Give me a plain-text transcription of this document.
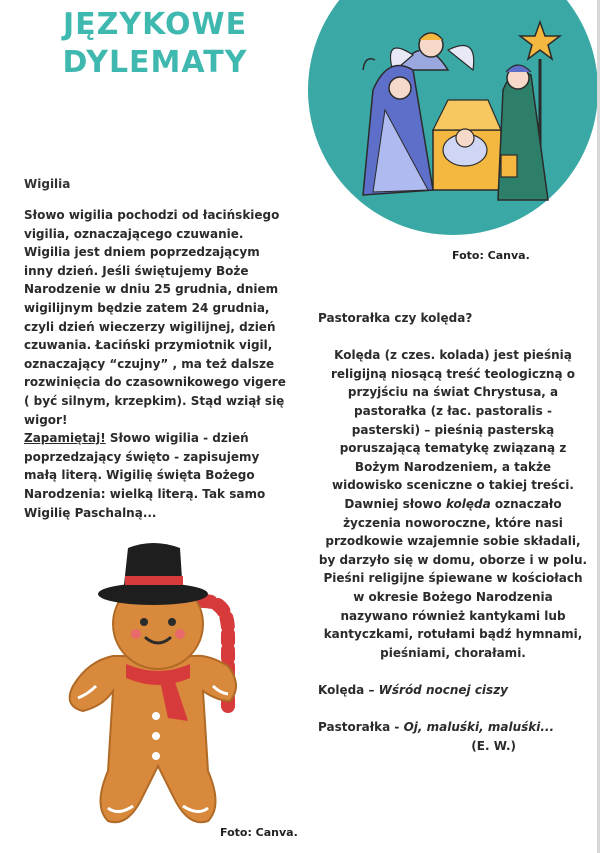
JĘZYKOWE
DYLEMATY
Foto: Canva.
Wigilia

Słowo wigilia pochodzi od łacińskiego vigilia, oznaczającego czuwanie. Wigilia jest dniem poprzedzającym inny dzień. Jeśli świętujemy Boże Narodzenie w dniu 25 grudnia, dniem wigilijnym będzie zatem 24 grudnia, czyli dzień wieczerzy wigilijnej, dzień czuwania. Łaciński przymiotnik vigil, oznaczający “czujny” , ma też dalsze rozwinięcia do czasownikowego vigere ( być silnym, krzepkim). Stąd wziął się wigor!

Zapamiętaj! Słowo wigilia - dzień poprzedzający święto - zapisujemy małą literą. Wigilię święta Bożego Narodzenia: wielką literą. Tak samo Wigilię Paschalną...

Pastorałka czy kolęda?

Kolęda (z czes. kolada) jest pieśnią religijną niosącą treść teologiczną o przyjściu na świat Chrystusa, a pastorałka (z łac. pastoralis - pasterski) – pieśnią pasterską poruszającą tematykę związaną z Bożym Narodzeniem, a także widowisko sceniczne o takiej treści. Dawniej słowo kolęda oznaczało życzenia noworoczne, które nasi przodkowie wzajemnie sobie składali, by darzyło się w domu, oborze i w polu. Pieśni religijne śpiewane w kościołach w okresie Bożego Narodzenia nazywano również kantykami lub kantyczkami, rotułami bądź hymnami, pieśniami, chorałami.

Kolęda – Wśród nocnej ciszy

Pastorałka - Oj, maluśki, maluśki...

(E. W.)

Foto: Canva.
